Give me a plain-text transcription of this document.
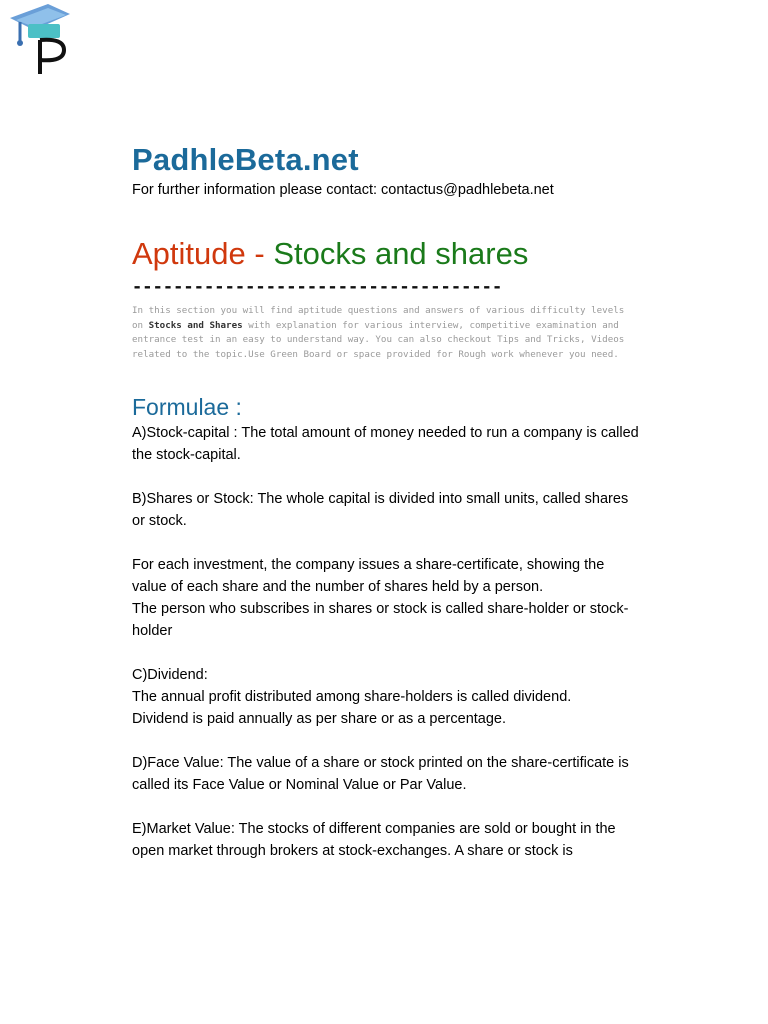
PadhleBeta.net
For further information please contact: contactus@padhlebeta.net
Aptitude - Stocks and shares
------------------------------------
In this section you will find aptitude questions and answers of various difficulty levels on Stocks and Shares with explanation for various interview, competitive examination and entrance test in an easy to understand way. You can also checkout Tips and Tricks, Videos related to the topic.Use Green Board or space provided for Rough work whenever you need.
Formulae :

A)Stock-capital : The total amount of money needed to run a company is called the stock-capital.

B)Shares or Stock: The whole capital is divided into small units, called shares or stock.

For each investment, the company issues a share-certificate, showing the value of each share and the number of shares held by a person.

The person who subscribes in shares or stock is called share-holder or stock-holder

C)Dividend:

The annual profit distributed among share-holders is called dividend.

Dividend is paid annually as per share or as a percentage.

D)Face Value: The value of a share or stock printed on the share-certificate is called its Face Value or Nominal Value or Par Value.

E)Market Value: The stocks of different companies are sold or bought in the open market through brokers at stock-exchanges. A share or stock is
